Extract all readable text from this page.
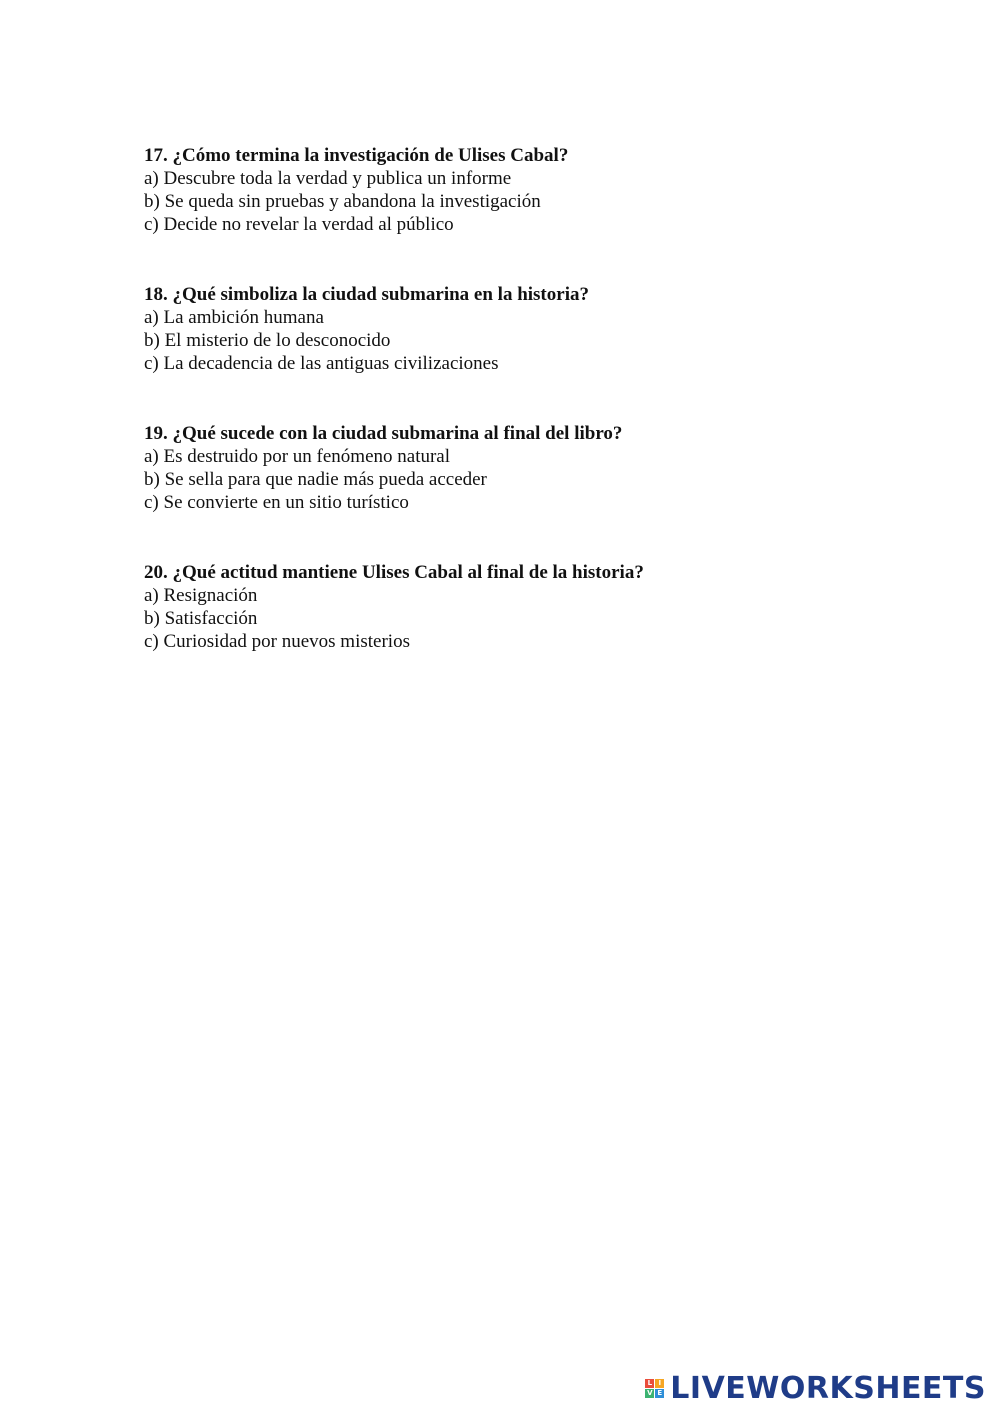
17. ¿Cómo termina la investigación de Ulises Cabal?

a) Descubre toda la verdad y publica un informe

b) Se queda sin pruebas y abandona la investigación

c) Decide no revelar la verdad al público

18. ¿Qué simboliza la ciudad submarina en la historia?

a) La ambición humana

b) El misterio de lo desconocido

c) La decadencia de las antiguas civilizaciones

19. ¿Qué sucede con la ciudad submarina al final del libro?

a) Es destruido por un fenómeno natural

b) Se sella para que nadie más pueda acceder

c) Se convierte en un sitio turístico

20. ¿Qué actitud mantiene Ulises Cabal al final de la historia?

a) Resignación

b) Satisfacción

c) Curiosidad por nuevos misterios

L I
V E LIVEWORKSHEETS
